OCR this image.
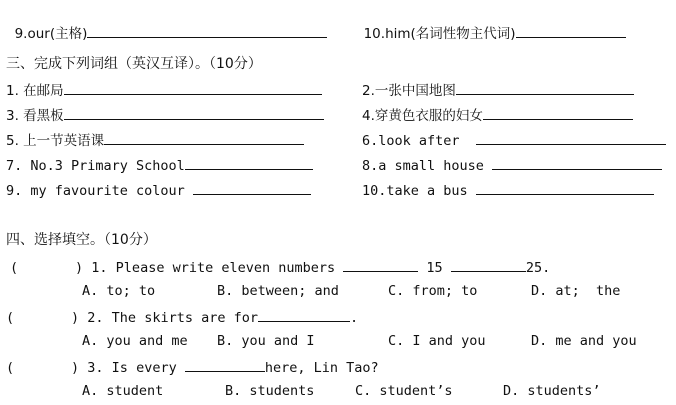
9.our(主格)	10.him(名词性物主代词)

三、完成下列词组（英汉互译）。（10分）
1. 在邮局	2.一张中国地图
3. 看黑板	4.穿黄色衣服的妇女
5. 上一节英语课	6.look after
7. No.3 Primary School	8.a small house
9. my favourite colour	10.take a bus
四、选择填空。（10分）
(       ) 1. Please write eleven numbers	15	25.
A. to; to	B. between; and	C. from; to	D. at;  the
(       ) 2. The skirts are for	.
A. you and me B. you and I	C. I and you	D. me and you
(       ) 3. Is every	here, Lin Tao?
A. student	B. students	C. student’s	D. students’
